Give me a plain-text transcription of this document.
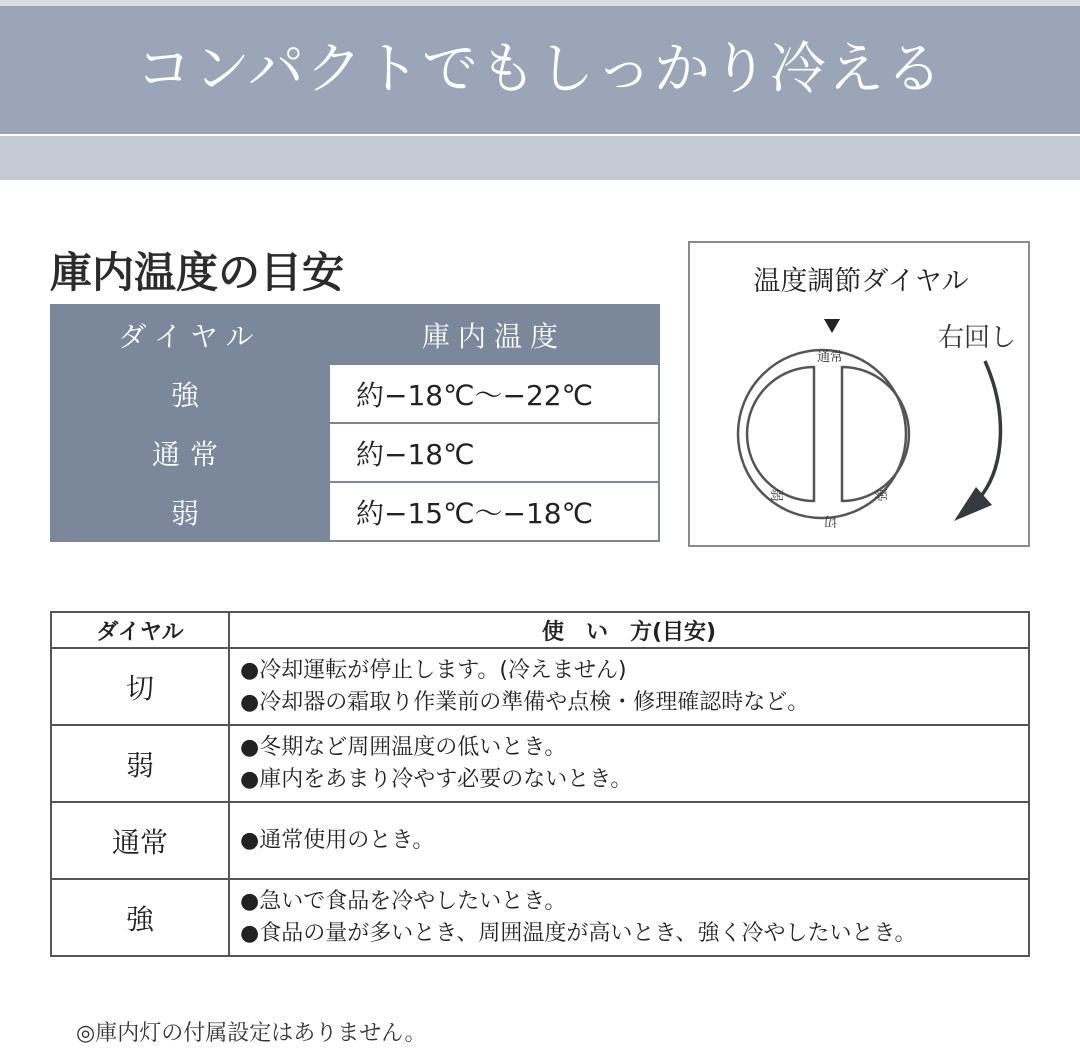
コンパクトでもしっかり冷える
庫内温度の目安
ダイヤル	庫内温度
強	約−18℃〜−22℃
通常	約−18℃
弱	約−15℃〜−18℃
温度調節ダイヤル
右回し
通常
弱	強
切
ダイヤル	使　い　方(目安)
切	●冷却運転が停止します。(冷えません)
●冷却器の霜取り作業前の準備や点検・修理確認時など。

弱	●冬期など周囲温度の低いとき。
●庫内をあまり冷やす必要のないとき。

通常	●通常使用のとき。

強	●急いで食品を冷やしたいとき。
●食品の量が多いとき、周囲温度が高いとき、強く冷やしたいとき。
◎庫内灯の付属設定はありません。
